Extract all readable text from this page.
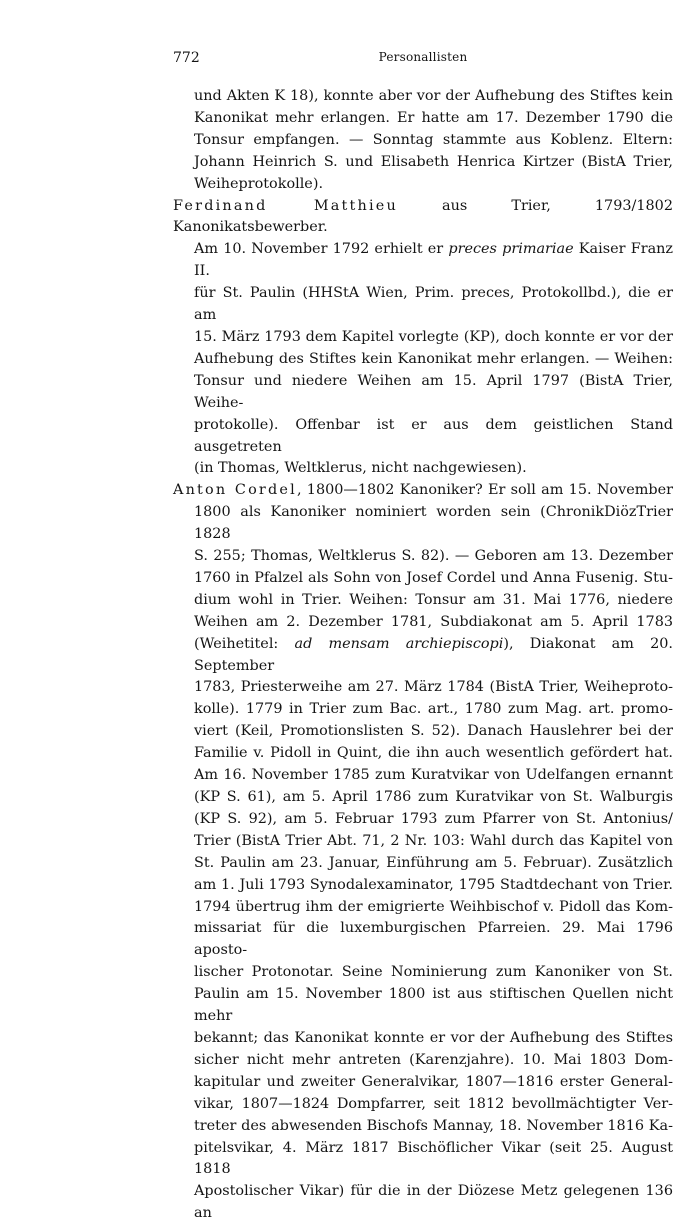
772	Personallisten
und Akten K 18), konnte aber vor der Aufhebung des Stiftes kein
Kanonikat mehr erlangen. Er hatte am 17. Dezember 1790 die
Tonsur empfangen. — Sonntag stammte aus Koblenz. Eltern:
Johann Heinrich S. und Elisabeth Henrica Kirtzer (BistA Trier,
Weiheprotokolle).
Ferdinand Matthieu aus Trier, 1793/1802 Kanonikatsbewerber.
Am 10. November 1792 erhielt er preces primariae Kaiser Franz II.
für St. Paulin (HHStA Wien, Prim. preces, Protokollbd.), die er am
15. März 1793 dem Kapitel vorlegte (KP), doch konnte er vor der
Aufhebung des Stiftes kein Kanonikat mehr erlangen. — Weihen:
Tonsur und niedere Weihen am 15. April 1797 (BistA Trier, Weihe-
protokolle). Offenbar ist er aus dem geistlichen Stand ausgetreten
(in Thomas, Weltklerus, nicht nachgewiesen).
Anton Cordel, 1800—1802 Kanoniker? Er soll am 15. November
1800 als Kanoniker nominiert worden sein (ChronikDiözTrier 1828
S. 255; Thomas, Weltklerus S. 82). — Geboren am 13. Dezember
1760 in Pfalzel als Sohn von Josef Cordel und Anna Fusenig. Stu-
dium wohl in Trier. Weihen: Tonsur am 31. Mai 1776, niedere
Weihen am 2. Dezember 1781, Subdiakonat am 5. April 1783
(Weihetitel: ad mensam archiepiscopi), Diakonat am 20. September
1783, Priesterweihe am 27. März 1784 (BistA Trier, Weiheproto-
kolle). 1779 in Trier zum Bac. art., 1780 zum Mag. art. promo-
viert (Keil, Promotionslisten S. 52). Danach Hauslehrer bei der
Familie v. Pidoll in Quint, die ihn auch wesentlich gefördert hat.
Am 16. November 1785 zum Kuratvikar von Udelfangen ernannt
(KP S. 61), am 5. April 1786 zum Kuratvikar von St. Walburgis
(KP S. 92), am 5. Februar 1793 zum Pfarrer von St. Antonius/
Trier (BistA Trier Abt. 71, 2 Nr. 103: Wahl durch das Kapitel von
St. Paulin am 23. Januar, Einführung am 5. Februar). Zusätzlich
am 1. Juli 1793 Synodalexaminator, 1795 Stadtdechant von Trier.
1794 übertrug ihm der emigrierte Weihbischof v. Pidoll das Kom-
missariat für die luxemburgischen Pfarreien. 29. Mai 1796 aposto-
lischer Protonotar. Seine Nominierung zum Kanoniker von St.
Paulin am 15. November 1800 ist aus stiftischen Quellen nicht mehr
bekannt; das Kanonikat konnte er vor der Aufhebung des Stiftes
sicher nicht mehr antreten (Karenzjahre). 10. Mai 1803 Dom-
kapitular und zweiter Generalvikar, 1807—1816 erster General-
vikar, 1807—1824 Dompfarrer, seit 1812 bevollmächtigter Ver-
treter des abwesenden Bischofs Mannay, 18. November 1816 Ka-
pitelsvikar, 4. März 1817 Bischöflicher Vikar (seit 25. August 1818
Apostolischer Vikar) für die in der Diözese Metz gelegenen 136 an
